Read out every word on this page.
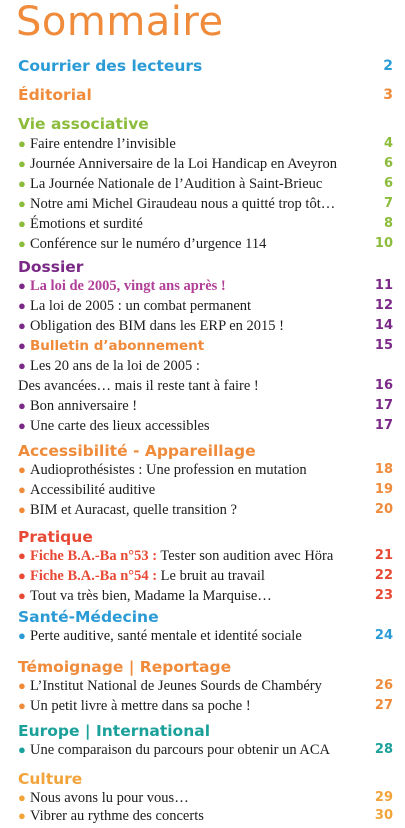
Sommaire
Courrier des lecteurs	2
Éditorial	3
Vie associative
● Faire entendre l’invisible	4
● Journée Anniversaire de la Loi Handicap en Aveyron	6
● La Journée Nationale de l’Audition à Saint-Brieuc	6
● Notre ami Michel Giraudeau nous a quitté trop tôt…	7
● Émotions et surdité	8
● Conférence sur le numéro d’urgence 114	10
Dossier
● La loi de 2005, vingt ans après !	11
● La loi de 2005 : un combat permanent	12
● Obligation des BIM dans les ERP en 2015 !	14
● Bulletin d’abonnement	15
● Les 20 ans de la loi de 2005 :
Des avancées… mais il reste tant à faire !	16
● Bon anniversaire !	17
● Une carte des lieux accessibles	17
Accessibilité - Appareillage
● Audioprothésistes : Une profession en mutation	18
● Accessibilité auditive	19
● BIM et Auracast, quelle transition ?	20
Pratique
● Fiche B.A.-Ba n°53 : Tester son audition avec Höra	21
● Fiche B.A.-Ba n°54 : Le bruit au travail	22
● Tout va très bien, Madame la Marquise…	23
Santé-Médecine
● Perte auditive, santé mentale et identité sociale	24
Témoignage | Reportage
● L’Institut National de Jeunes Sourds de Chambéry	26
● Un petit livre à mettre dans sa poche !	27
Europe | International
● Une comparaison du parcours pour obtenir un ACA	28
Culture
● Nous avons lu pour vous…	29
● Vibrer au rythme des concerts	30
